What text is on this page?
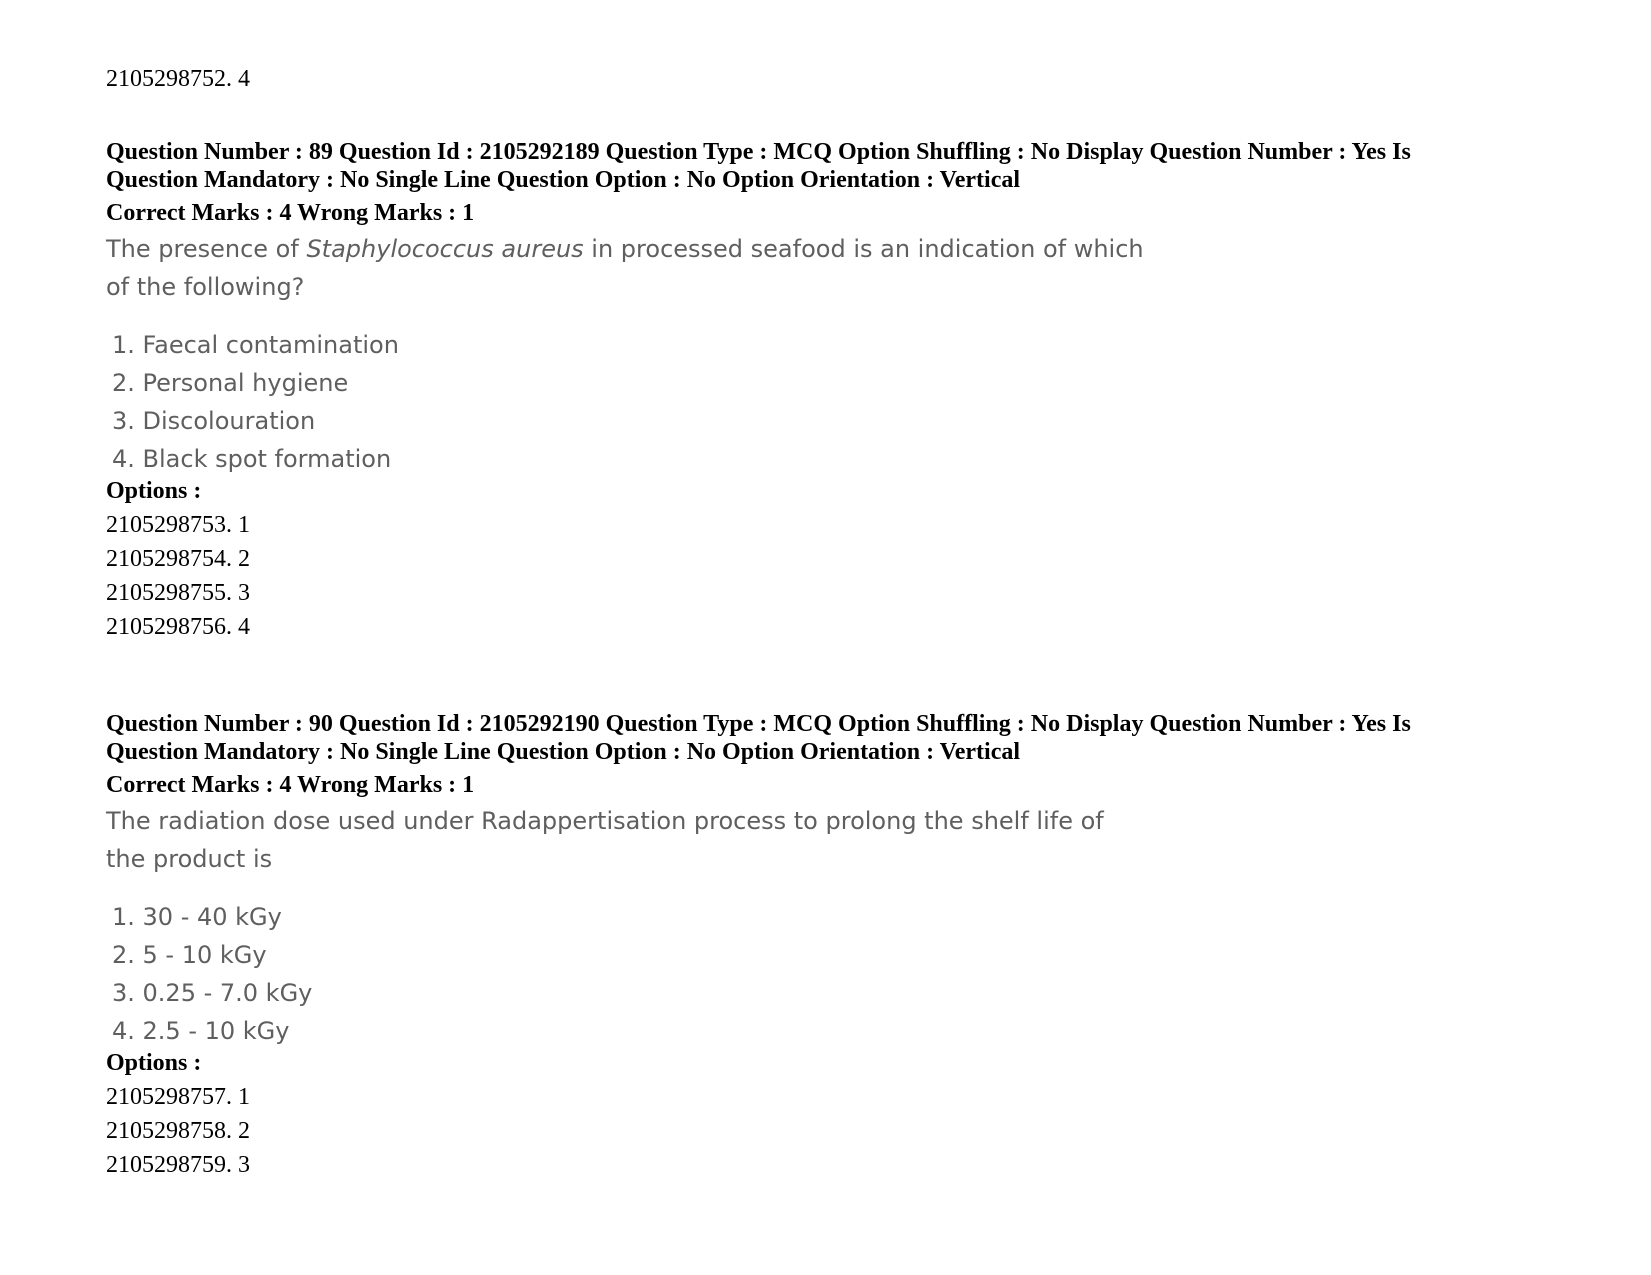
2105298752. 4

Question Number : 89 Question Id : 2105292189 Question Type : MCQ Option Shuffling : No Display Question Number : Yes Is

Question Mandatory : No Single Line Question Option : No Option Orientation : Vertical

Correct Marks : 4 Wrong Marks : 1

The presence of Staphylococcus aureus in processed seafood is an indication of which of the following?

1. Faecal contamination
2. Personal hygiene
3. Discolouration
4. Black spot formation

Options :

2105298753. 1

2105298754. 2

2105298755. 3

2105298756. 4

Question Number : 90 Question Id : 2105292190 Question Type : MCQ Option Shuffling : No Display Question Number : Yes Is

Question Mandatory : No Single Line Question Option : No Option Orientation : Vertical

Correct Marks : 4 Wrong Marks : 1

The radiation dose used under Radappertisation process to prolong the shelf life of the product is

1. 30 - 40 kGy
2. 5 - 10 kGy
3. 0.25 - 7.0 kGy
4. 2.5 - 10 kGy

Options :

2105298757. 1

2105298758. 2

2105298759. 3
